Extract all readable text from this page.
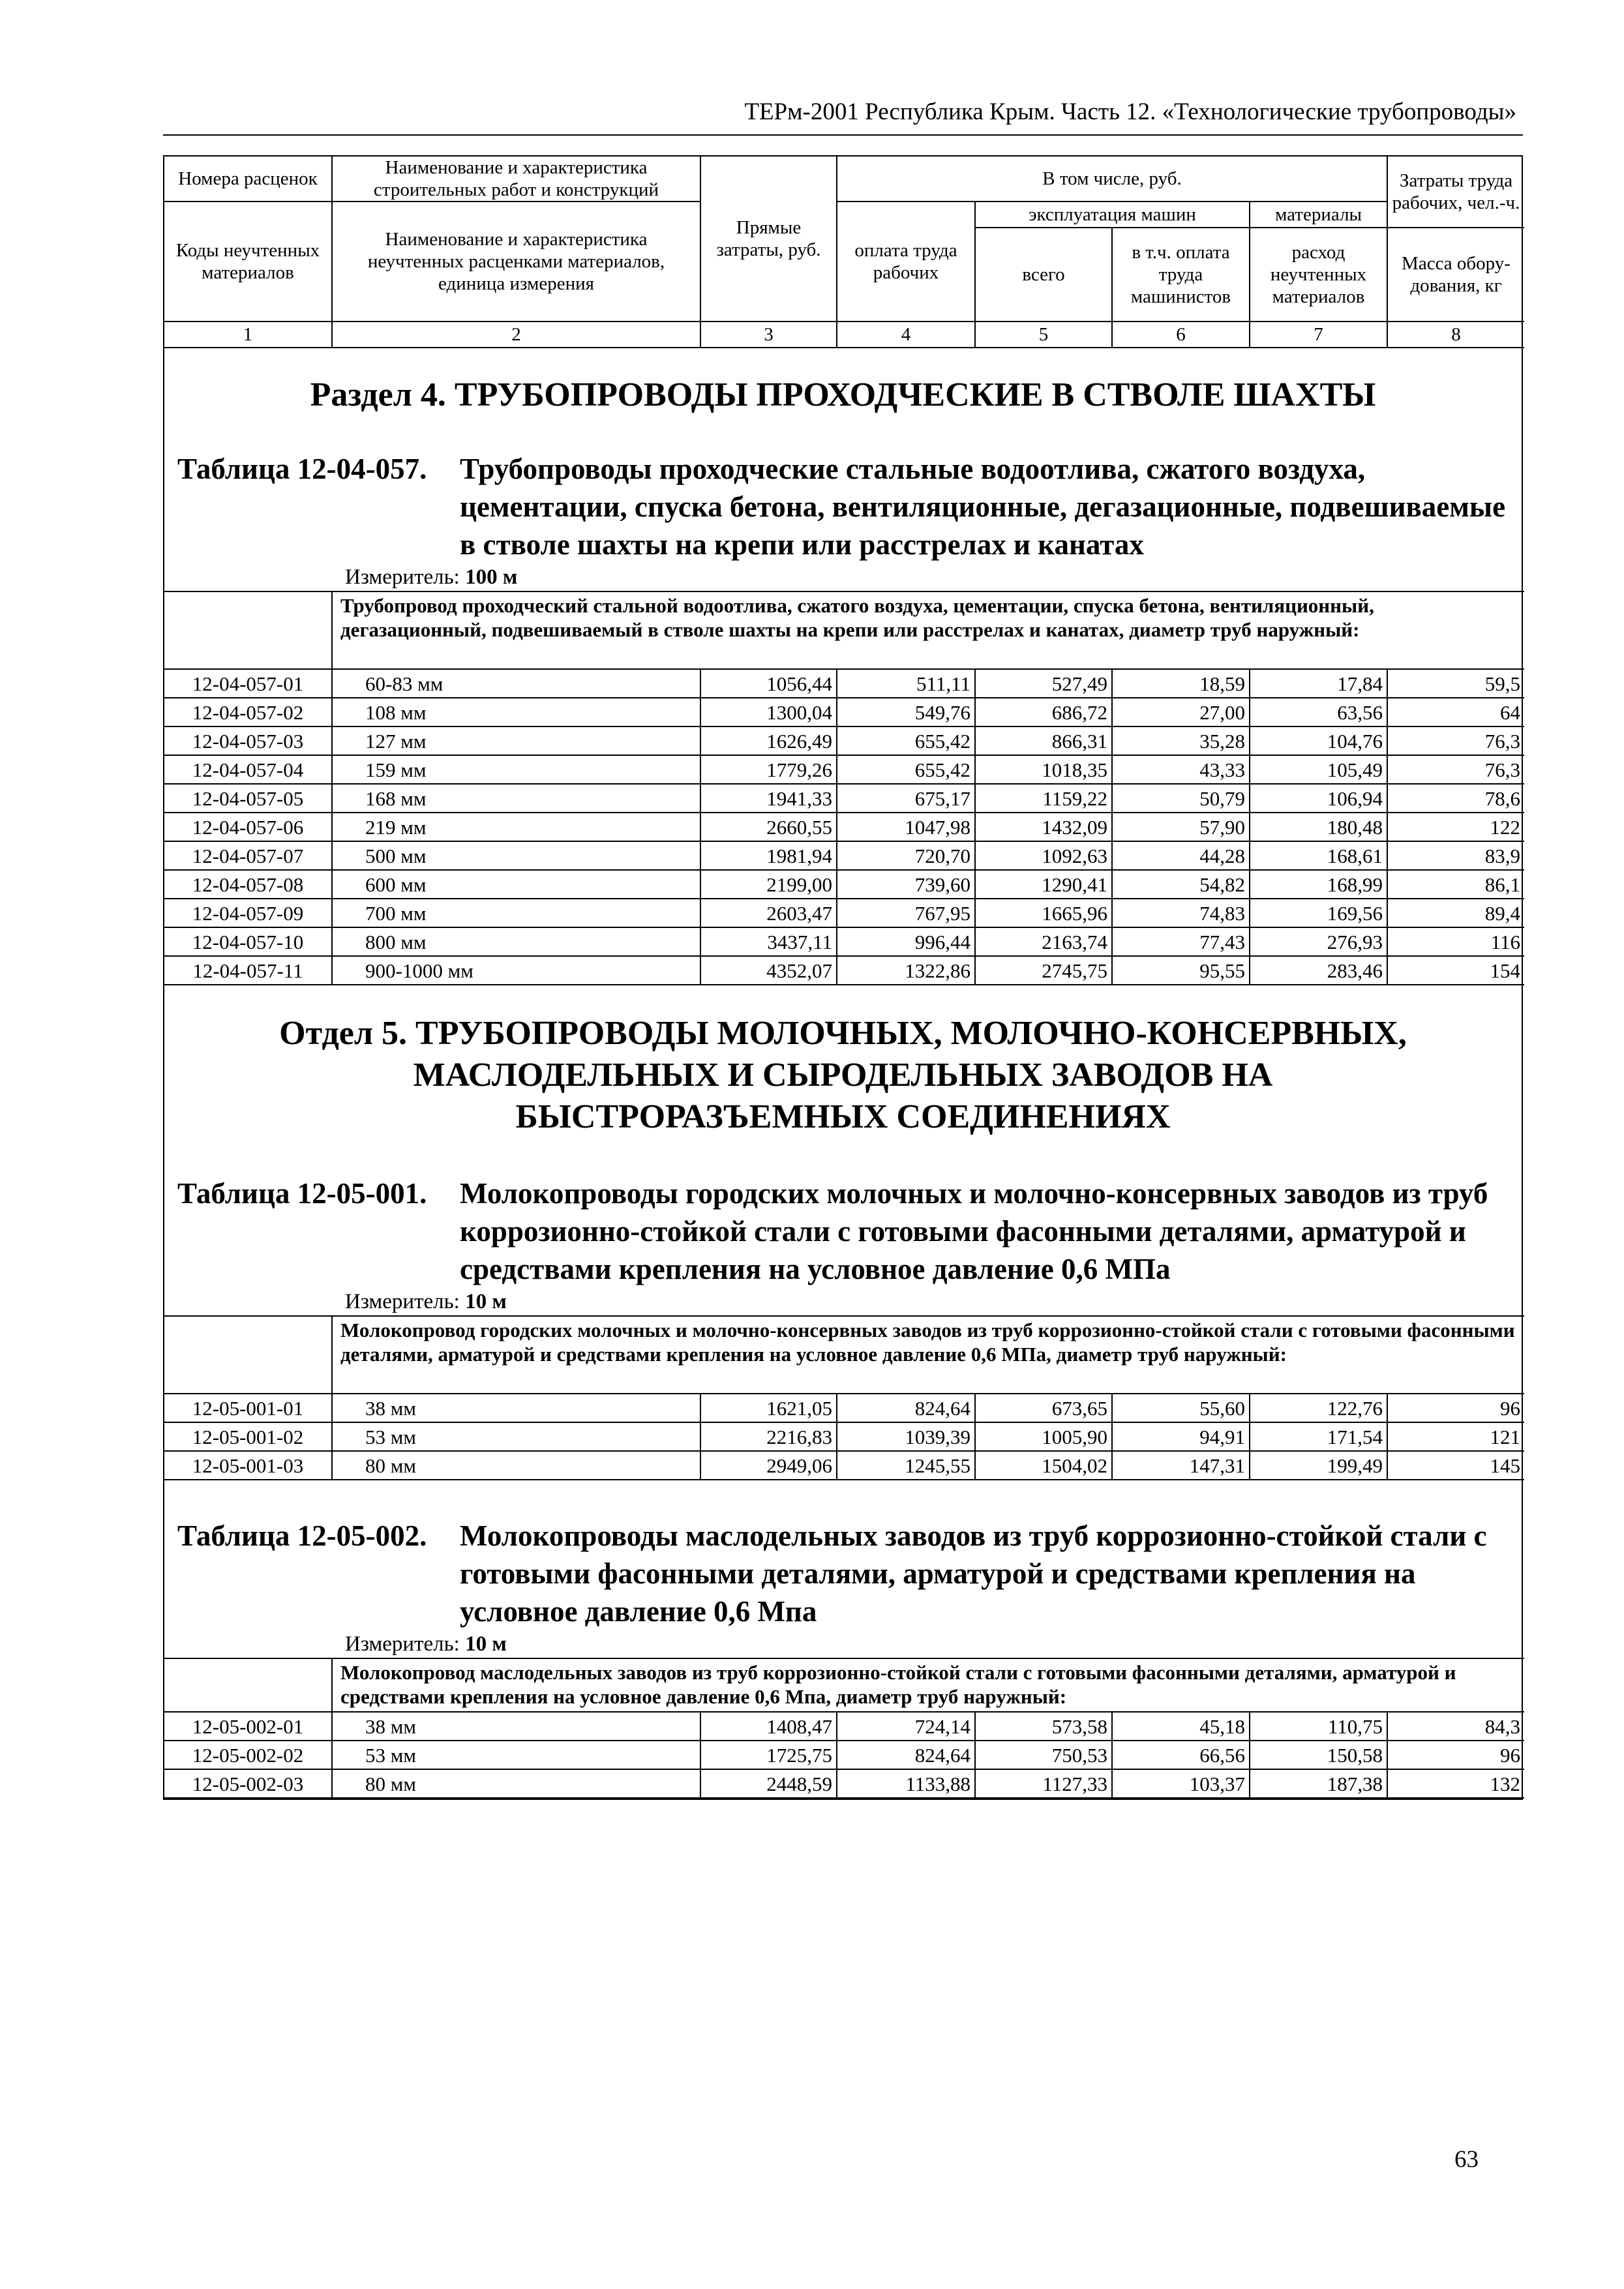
ТЕРм-2001 Республика Крым. Часть 12. «Технологические трубопроводы»
Номера расценок	Наименование и характеристика строительных работ и конструкций	Прямые затраты, руб.	В том числе, руб.				Затраты труда рабочих, чел.-ч.
Коды неучтенных материалов	Наименование и характеристика неучтенных расценками материалов, единица измерения		оплата труда рабочих	эксплуатация машин		материалы	
				всего	в т.ч. оплата труда машинистов	расход неучтенных материалов	Масса обору-дования, кг
1	2	3	4	5	6	7	8
Раздел 4. ТРУБОПРОВОДЫ ПРОХОДЧЕСКИЕ В СТВОЛЕ ШАХТЫ
Таблица 12-04-057. Трубопроводы проходческие стальные водоотлива, сжатого воздуха, цементации, спуска бетона, вентиляционные, дегазационные, подвешиваемые в стволе шахты на крепи или расстрелах и канатах
Измеритель: 100 м
	Трубопровод проходческий стальной водоотлива, сжатого воздуха, цементации, спуска бетона, вентиляционный, дегазационный, подвешиваемый в стволе шахты на крепи или расстрелах и канатах, диаметр труб наружный:						
12-04-057-01	60-83 мм	1056,44	511,11	527,49	18,59	17,84	59,5
12-04-057-02	108 мм	1300,04	549,76	686,72	27,00	63,56	64
12-04-057-03	127 мм	1626,49	655,42	866,31	35,28	104,76	76,3
12-04-057-04	159 мм	1779,26	655,42	1018,35	43,33	105,49	76,3
12-04-057-05	168 мм	1941,33	675,17	1159,22	50,79	106,94	78,6
12-04-057-06	219 мм	2660,55	1047,98	1432,09	57,90	180,48	122
12-04-057-07	500 мм	1981,94	720,70	1092,63	44,28	168,61	83,9
12-04-057-08	600 мм	2199,00	739,60	1290,41	54,82	168,99	86,1
12-04-057-09	700 мм	2603,47	767,95	1665,96	74,83	169,56	89,4
12-04-057-10	800 мм	3437,11	996,44	2163,74	77,43	276,93	116
12-04-057-11	900-1000 мм	4352,07	1322,86	2745,75	95,55	283,46	154
Отдел 5. ТРУБОПРОВОДЫ МОЛОЧНЫХ, МОЛОЧНО-КОНСЕРВНЫХ,
МАСЛОДЕЛЬНЫХ И СЫРОДЕЛЬНЫХ ЗАВОДОВ НА
БЫСТРОРАЗЪЕМНЫХ СОЕДИНЕНИЯХ
Таблица 12-05-001. Молокопроводы городских молочных и молочно-консервных заводов из труб коррозионно-стойкой стали с готовыми фасонными деталями, арматурой и средствами крепления на условное давление 0,6 МПа
Измеритель: 10 м
	Молокопровод городских молочных и молочно-консервных заводов из труб коррозионно-стойкой стали с готовыми фасонными деталями, арматурой и средствами крепления на условное давление 0,6 МПа, диаметр труб наружный:						
12-05-001-01	38 мм	1621,05	824,64	673,65	55,60	122,76	96
12-05-001-02	53 мм	2216,83	1039,39	1005,90	94,91	171,54	121
12-05-001-03	80 мм	2949,06	1245,55	1504,02	147,31	199,49	145
Таблица 12-05-002. Молокопроводы маслодельных заводов из труб коррозионно-стойкой стали с готовыми фасонными деталями, арматурой и средствами крепления на условное давление 0,6 Мпа
Измеритель: 10 м
	Молокопровод маслодельных заводов из труб коррозионно-стойкой стали с готовыми фасонными деталями, арматурой и средствами крепления на условное давление 0,6 Мпа, диаметр труб наружный:						
12-05-002-01	38 мм	1408,47	724,14	573,58	45,18	110,75	84,3
12-05-002-02	53 мм	1725,75	824,64	750,53	66,56	150,58	96
12-05-002-03	80 мм	2448,59	1133,88	1127,33	103,37	187,38	132
63
